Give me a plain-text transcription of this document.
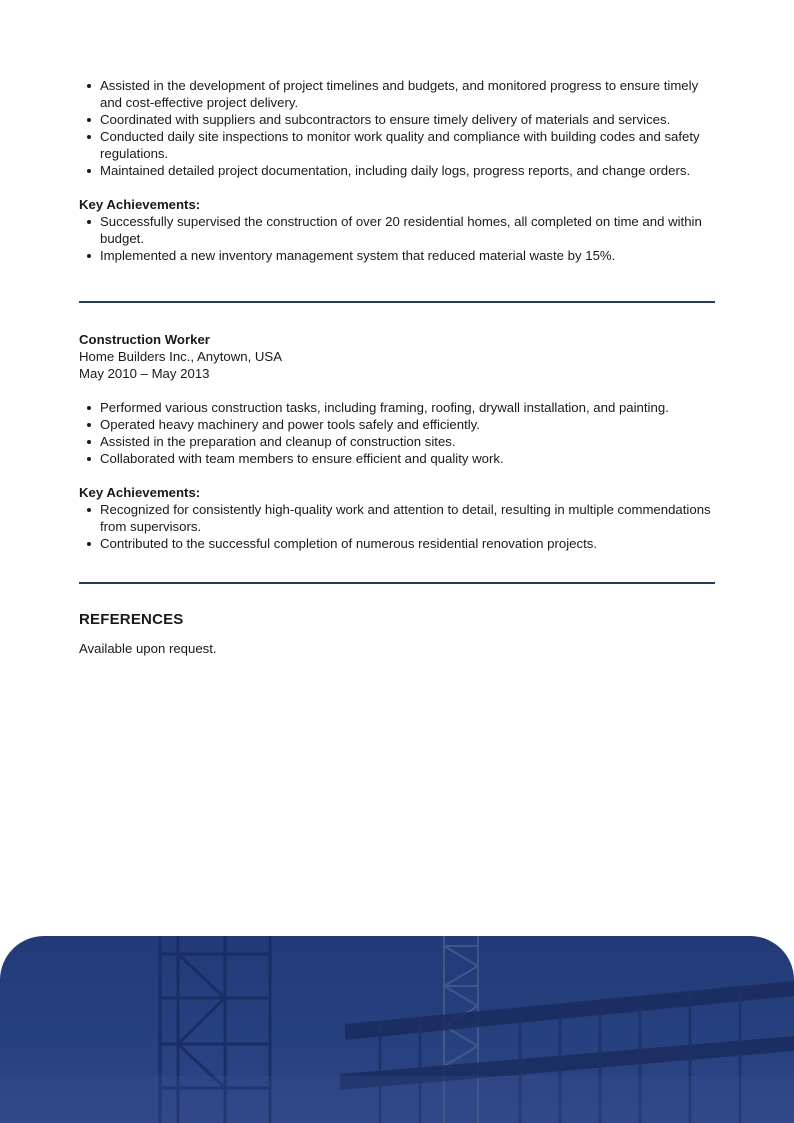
Assisted in the development of project timelines and budgets, and monitored progress to ensure timely and cost-effective project delivery.
Coordinated with suppliers and subcontractors to ensure timely delivery of materials and services.
Conducted daily site inspections to monitor work quality and compliance with building codes and safety regulations.
Maintained detailed project documentation, including daily logs, progress reports, and change orders.

Key Achievements:

Successfully supervised the construction of over 20 residential homes, all completed on time and within budget.
Implemented a new inventory management system that reduced material waste by 15%.

Construction Worker

Home Builders Inc., Anytown, USA

May 2010 – May 2013

Performed various construction tasks, including framing, roofing, drywall installation, and painting.
Operated heavy machinery and power tools safely and efficiently.
Assisted in the preparation and cleanup of construction sites.
Collaborated with team members to ensure efficient and quality work.

Key Achievements:

Recognized for consistently high-quality work and attention to detail, resulting in multiple commendations from supervisors.
Contributed to the successful completion of numerous residential renovation projects.

REFERENCES

Available upon request.
